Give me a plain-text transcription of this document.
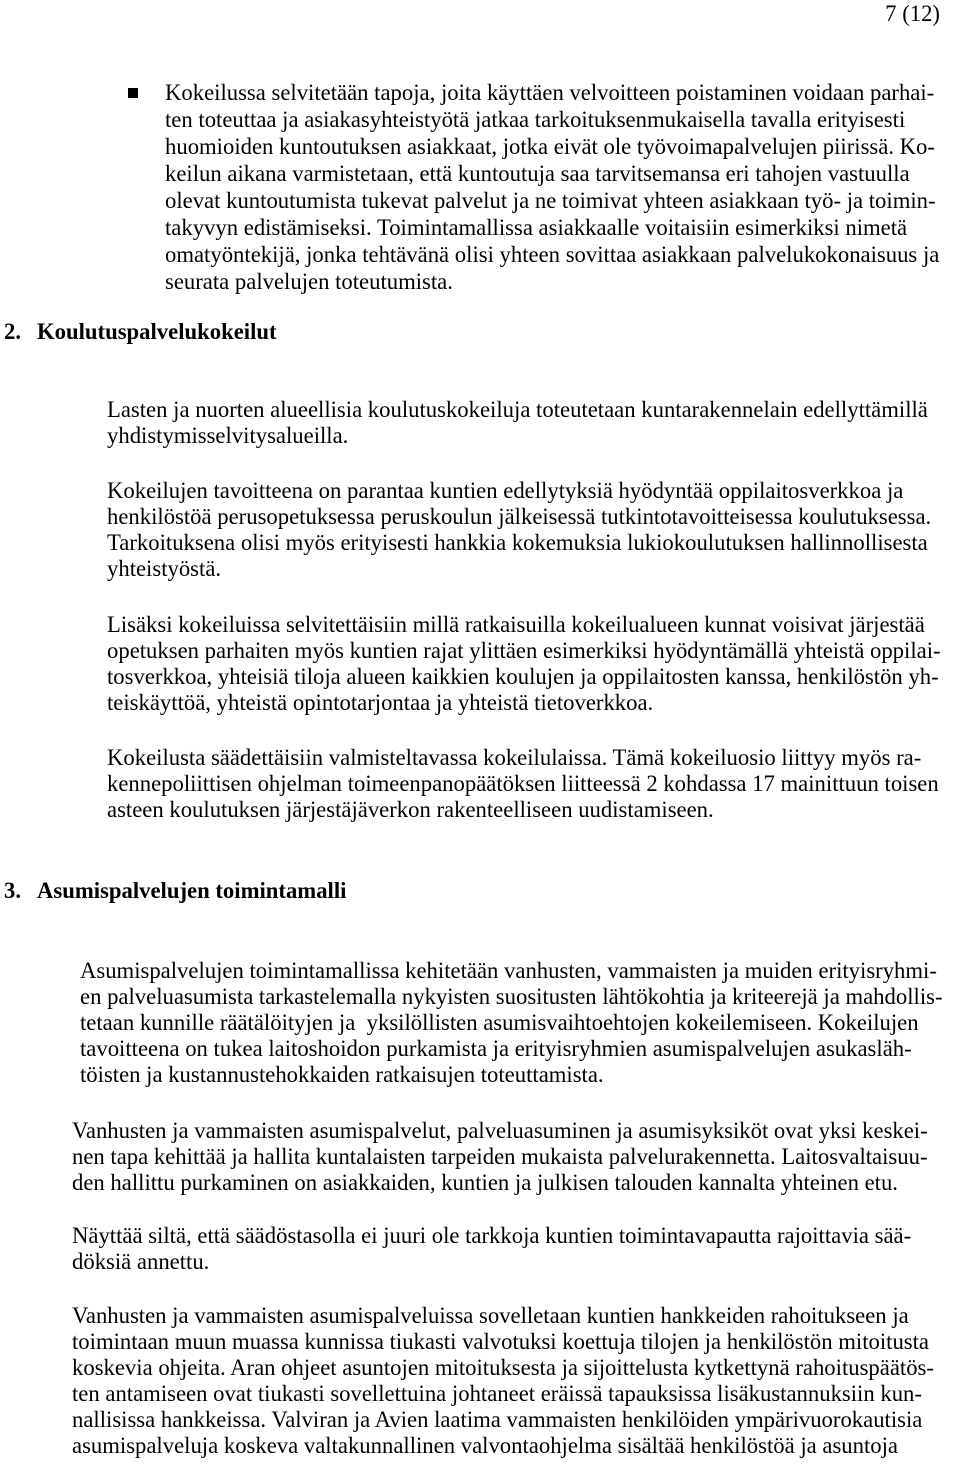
7 (12)
Kokeilussa selvitetään tapoja, joita käyttäen velvoitteen poistaminen voidaan parhai-
ten toteuttaa ja asiakasyhteistyötä jatkaa tarkoituksenmukaisella tavalla erityisesti
huomioiden kuntoutuksen asiakkaat, jotka eivät ole työvoimapalvelujen piirissä. Ko-
keilun aikana varmistetaan, että kuntoutuja saa tarvitsemansa eri tahojen vastuulla
olevat kuntoutumista tukevat palvelut ja ne toimivat yhteen asiakkaan työ- ja toimin-
takyvyn edistämiseksi. Toimintamallissa asiakkaalle voitaisiin esimerkiksi nimetä
omatyöntekijä, jonka tehtävänä olisi yhteen sovittaa asiakkaan palvelukokonaisuus ja
seurata palvelujen toteutumista.
2. Koulutuspalvelukokeilut
Lasten ja nuorten alueellisia koulutuskokeiluja toteutetaan kuntarakennelain edellyttämillä
yhdistymisselvitysalueilla.
Kokeilujen tavoitteena on parantaa kuntien edellytyksiä hyödyntää oppilaitosverkkoa ja
henkilöstöä perusopetuksessa peruskoulun jälkeisessä tutkintotavoitteisessa koulutuksessa.
Tarkoituksena olisi myös erityisesti hankkia kokemuksia lukiokoulutuksen hallinnollisesta
yhteistyöstä.
Lisäksi kokeiluissa selvitettäisiin millä ratkaisuilla kokeilualueen kunnat voisivat järjestää
opetuksen parhaiten myös kuntien rajat ylittäen esimerkiksi hyödyntämällä yhteistä oppilai-
tosverkkoa, yhteisiä tiloja alueen kaikkien koulujen ja oppilaitosten kanssa, henkilöstön yh-
teiskäyttöä, yhteistä opintotarjontaa ja yhteistä tietoverkkoa.
Kokeilusta säädettäisiin valmisteltavassa kokeilulaissa. Tämä kokeiluosio liittyy myös ra-
kennepoliittisen ohjelman toimeenpanopäätöksen liitteessä 2 kohdassa 17 mainittuun toisen
asteen koulutuksen järjestäjäverkon rakenteelliseen uudistamiseen.
3. Asumispalvelujen toimintamalli
Asumispalvelujen toimintamallissa kehitetään vanhusten, vammaisten ja muiden erityisryhmi-
en palveluasumista tarkastelemalla nykyisten suositusten lähtökohtia ja kriteerejä ja mahdollis-
tetaan kunnille räätälöityjen ja  yksilöllisten asumisvaihtoehtojen kokeilemiseen. Kokeilujen
tavoitteena on tukea laitoshoidon purkamista ja erityisryhmien asumispalvelujen asukasläh-
töisten ja kustannustehokkaiden ratkaisujen toteuttamista.
Vanhusten ja vammaisten asumispalvelut, palveluasuminen ja asumisyksiköt ovat yksi keskei-
nen tapa kehittää ja hallita kuntalaisten tarpeiden mukaista palvelurakennetta. Laitosvaltaisuu-
den hallittu purkaminen on asiakkaiden, kuntien ja julkisen talouden kannalta yhteinen etu.
Näyttää siltä, että säädöstasolla ei juuri ole tarkkoja kuntien toimintavapautta rajoittavia sää-
döksiä annettu.
Vanhusten ja vammaisten asumispalveluissa sovelletaan kuntien hankkeiden rahoitukseen ja
toimintaan muun muassa kunnissa tiukasti valvotuksi koettuja tilojen ja henkilöstön mitoitusta
koskevia ohjeita. Aran ohjeet asuntojen mitoituksesta ja sijoittelusta kytkettynä rahoituspäätös-
ten antamiseen ovat tiukasti sovellettuina johtaneet eräissä tapauksissa lisäkustannuksiin kun-
nallisissa hankkeissa. Valviran ja Avien laatima vammaisten henkilöiden ympärivuorokautisia
asumispalveluja koskeva valtakunnallinen valvontaohjelma sisältää henkilöstöä ja asuntoja
